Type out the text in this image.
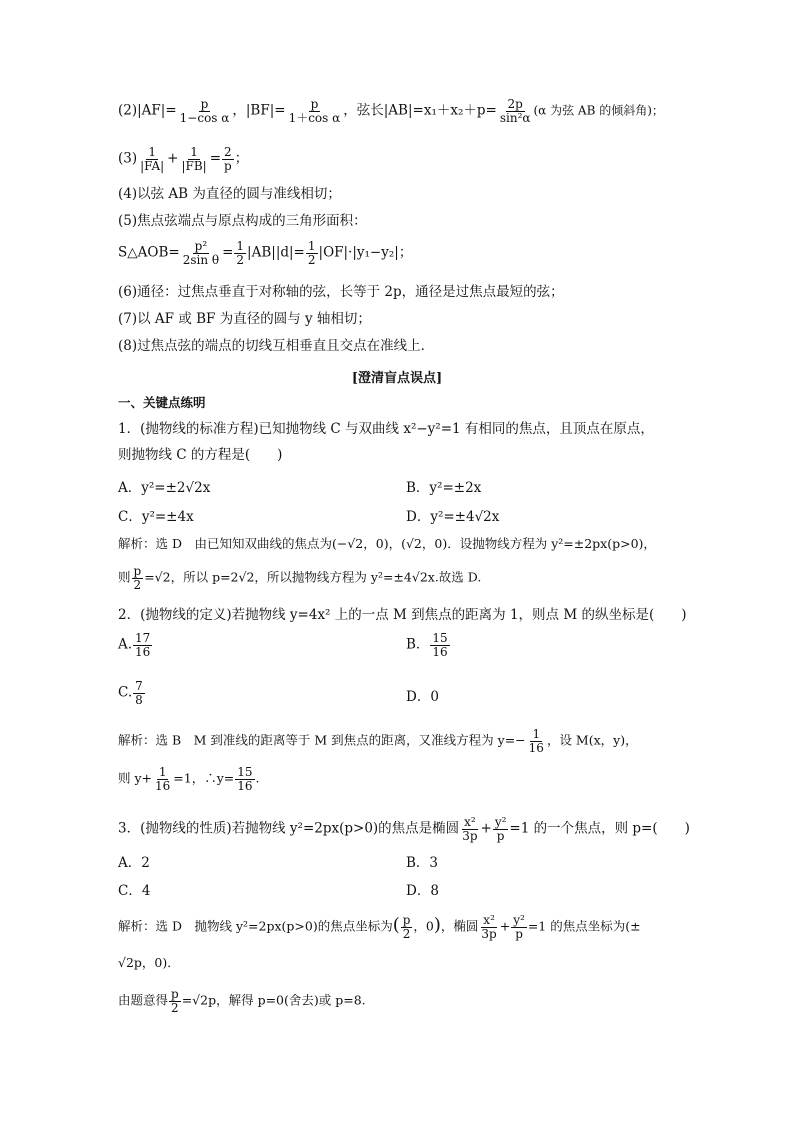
$(2)|AF|= \frac{p}{\text{1−cos α}}$ ，$|BF|= \frac{p}{\text{1＋cos α}}$ ，弦长$|AB|=x_1+x_2+p= \frac{2p}{\text{sin²α}} (\alpha$ 为弦 AB 的倾斜角)；
$(3) \frac{1}{|FA|} + \frac{1}{|FB|} = \frac{2}{p}$ ；
(4)以弦 AB 为直径的圆与准线相切；
(5)焦点弦端点与原点构成的三角形面积：
S△AOB= $\frac{\text{p²}}{\text{2sin θ}} = \frac{1}{2} |AB||d|= \frac{1}{2} |OF|\cdot|y_1-y_2|$；
(6)通径：过焦点垂直于对称轴的弦，长等于 2p，通径是过焦点最短的弦；
(7)以 AF 或 BF 为直径的圆与 y 轴相切；
(8)过焦点弦的端点的切线互相垂直且交点在准线上．
[澄清盲点误点]
一、关键点练明
1．(抛物线的标准方程)已知抛物线 C 与双曲线 x²−y²=1 有相同的焦点，且顶点在原点，
则抛物线 C 的方程是(　　)
A．y²=±2√2x	B．y²=±2x
C．y²=±4x	D．y²=±4√2x
解析：选 D　由已知知双曲线的焦点为(−√2，0)，(√2，0)．设抛物线方程为 y²=±2px(p>0)，
则 $\frac{p}{2} =√2$，所以 p=2√2，所以抛物线方程为 y²=±4√2x.故选 D.
2．(抛物线的定义)若抛物线 y=4x² 上的一点 M 到焦点的距离为 1，则点 M 的纵坐标是(　　)
A. $\frac{17}{16}$	B． $\frac{15}{16}$
C. $\frac{7}{8}$	D．0
解析：选 B　M 到准线的距离等于 M 到焦点的距离，又准线方程为 $y=- \frac{1}{16}$ ，设 M(x，y)，
则 $y+ \frac{1}{16} =1$，∴y= $\frac{15}{16}$ .
3．(抛物线的性质)若抛物线 y²=2px(p>0)的焦点是椭圆 $\frac{\text{x²}}{3p} + \frac{\text{y²}}{p} =1$ 的一个焦点，则 p=(　　)
A．2	B．3
C．4	D．8
解析：选 D　抛物线 y²=2px(p>0)的焦点坐标为( $\frac{p}{2}$ ，0)，椭圆 $\frac{\text{x²}}{3p} + \frac{\text{y²}}{p} =1$ 的焦点坐标为(±
√2p，0)．
由题意得 $\frac{p}{2} =√2p$，解得 p=0(舍去)或 p=8.
